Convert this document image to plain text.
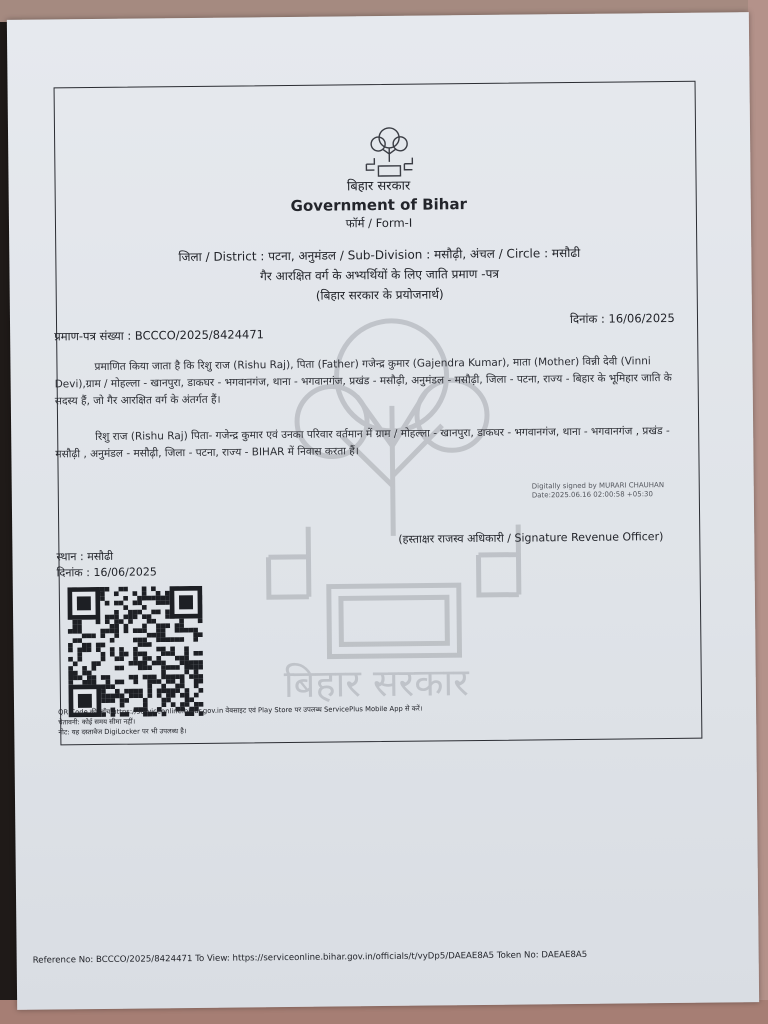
बिहार सरकार
बिहार सरकार
Government of Bihar
फॉर्म / Form-I
जिला / District : पटना, अनुमंडल / Sub-Division : मसौढ़ी, अंचल / Circle : मसौढी
गैर आरक्षित वर्ग के अभ्यर्थियों के लिए जाति प्रमाण -पत्र
(बिहार सरकार के प्रयोजनार्थ)
दिनांक : 16/06/2025
प्रमाण-पत्र संख्या : BCCCO/2025/8424471
प्रमाणित किया जाता है कि रिशु राज (Rishu Raj), पिता (Father) गजेन्द्र कुमार (Gajendra Kumar), माता (Mother) विन्नी देवी (Vinni Devi),ग्राम / मोहल्ला - खानपुरा, डाकघर - भगवानगंज, थाना - भगवानगंज, प्रखंड - मसौढ़ी, अनुमंडल - मसौढ़ी, जिला - पटना, राज्य - बिहार के भूमिहार जाति के सदस्य हैं, जो गैर आरक्षित वर्ग के अंतर्गत हैं।
रिशु राज (Rishu Raj) पिता- गजेन्द्र कुमार एवं उनका परिवार वर्तमान में ग्राम / मोहल्ला - खानपुरा, डाकघर - भगवानगंज, थाना - भगवानगंज , प्रखंड - मसौढ़ी , अनुमंडल - मसौढ़ी, जिला - पटना, राज्य - BIHAR में निवास करता हैं।
Digitally signed by MURARI CHAUHAN
Date:2025.06.16 02:00:58 +05:30
(हस्ताक्षर राजस्व अधिकारी / Signature Revenue Officer)
स्थान : मसौढी
दिनांक : 16/06/2025
QR Code की जाँच https://serviceonline.bihar.gov.in वेबसाइट एवं Play Store पर उपलब्ध ServicePlus Mobile App से करें।
चेतावनी: कोई समय सीमा नहीं।
नोट: यह दस्तावेज DigiLocker पर भी उपलब्ध है।
Reference No: BCCCO/2025/8424471 To View: https://serviceonline.bihar.gov.in/officials/t/vyDp5/DAEAE8A5 Token No: DAEAE8A5
